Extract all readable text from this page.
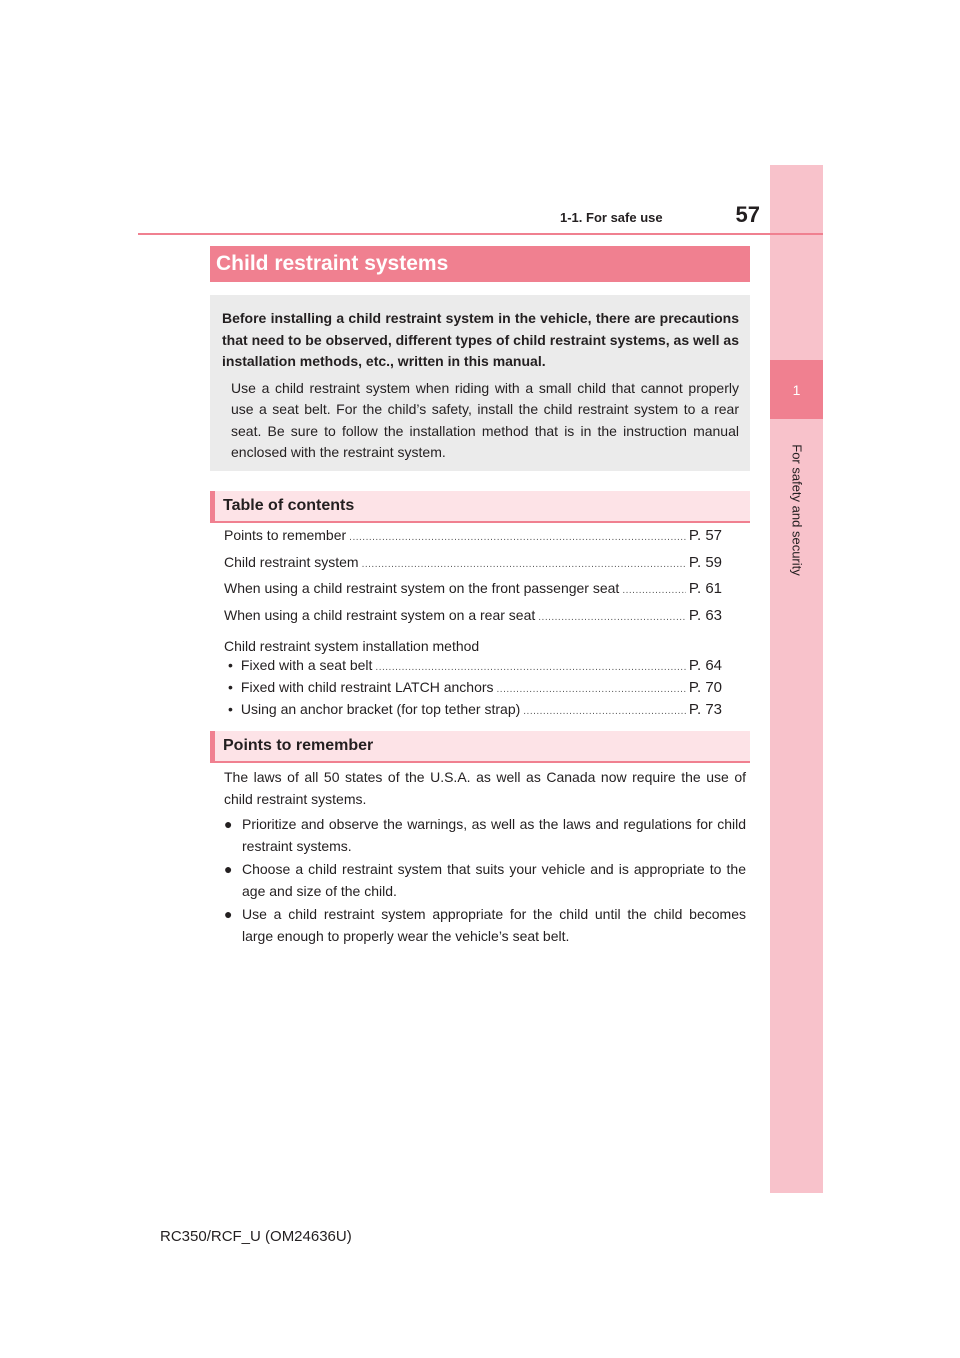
1
For safety and security
1-1. For safe use	57
Child restraint systems

Before installing a child restraint system in the vehicle, there are precautions that need to be observed, different types of child restraint systems, as well as installation methods, etc., written in this manual.

Use a child restraint system when riding with a small child that cannot properly use a seat belt. For the child’s safety, install the child restraint system to a rear seat. Be sure to follow the installation method that is in the instruction manual enclosed with the restraint system.

Table of contents
Points to remember .....	P. 57
Child restraint system .....	P. 59
When using a child restraint system on the front passenger seat .....	P. 61
When using a child restraint system on a rear seat .....	P. 63
Child restraint system installation method
• Fixed with a seat belt .....	P. 64
• Fixed with child restraint LATCH anchors .....	P. 70
• Using an anchor bracket (for top tether strap) .....	P. 73
Points to remember

The laws of all 50 states of the U.S.A. as well as Canada now require the use of child restraint systems.

● Prioritize and observe the warnings, as well as the laws and regulations for child restraint systems.
● Choose a child restraint system that suits your vehicle and is appropriate to the age and size of the child.
● Use a child restraint system appropriate for the child until the child becomes large enough to properly wear the vehicle’s seat belt.
RC350/RCF_U (OM24636U)
